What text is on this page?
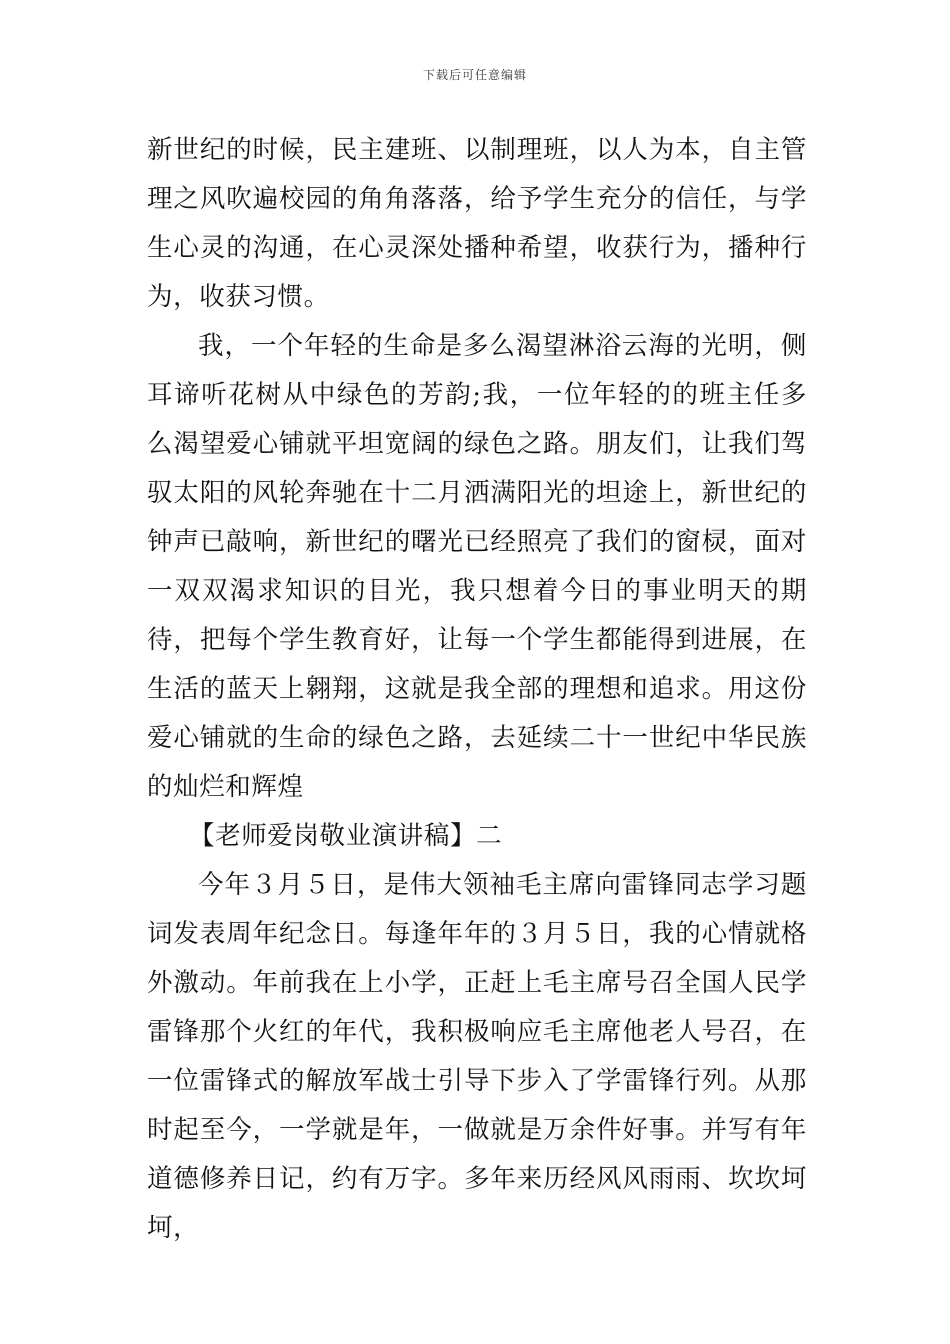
下载后可任意编辑

新世纪的时候，民主建班、以制理班，以人为本，自主管理之风吹遍校园的角角落落，给予学生充分的信任，与学生心灵的沟通，在心灵深处播种希望，收获行为，播种行为，收获习惯。

我，一个年轻的生命是多么渴望淋浴云海的光明，侧耳谛听花树从中绿色的芳韵;我，一位年轻的的班主任多么渴望爱心铺就平坦宽阔的绿色之路。朋友们，让我们驾驭太阳的风轮奔驰在十二月洒满阳光的坦途上，新世纪的钟声已敲响，新世纪的曙光已经照亮了我们的窗棂，面对一双双渴求知识的目光，我只想着今日的事业明天的期待，把每个学生教育好，让每一个学生都能得到进展，在生活的蓝天上翱翔，这就是我全部的理想和追求。用这份爱心铺就的生命的绿色之路，去延续二十一世纪中华民族的灿烂和辉煌

【老师爱岗敬业演讲稿】二

今年３月５日，是伟大领袖毛主席向雷锋同志学习题词发表周年纪念日。每逢年年的３月５日，我的心情就格外激动。年前我在上小学，正赶上毛主席号召全国人民学雷锋那个火红的年代，我积极响应毛主席他老人号召，在一位雷锋式的解放军战士引导下步入了学雷锋行列。从那时起至今，一学就是年，一做就是万余件好事。并写有年道德修养日记，约有万字。多年来历经风风雨雨、坎坎坷坷，
